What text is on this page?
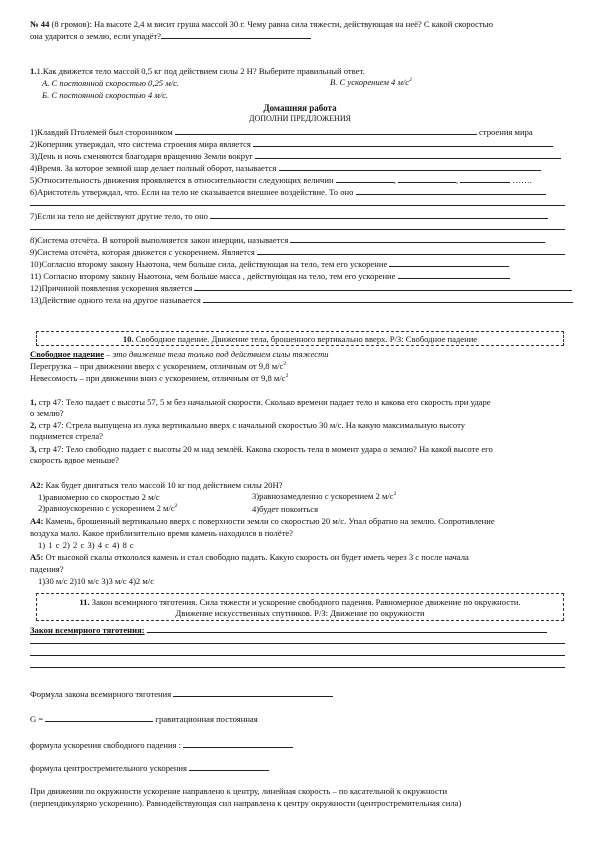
№ 44 (8 громов): На высоте 2,4 м висит груша массой 30 г. Чему равна сила тяжести, действующая на неё? С какой скоростью
она ударится о землю, если упадёт?
1.1.Как движется тело массой 0,5 кг под действием силы 2 Н? Выберите правильный ответ.
А. С постоянной скоростью 0,25 м/с.	В. С ускорением 4 $м/с^2$
Б. С постоянной скоростью 4 м/с.
Домашняя работа
ДОПОЛНИ ПРЕДЛОЖЕНИЯ
1)Клавдий Птолемей был сторонником	строения мира
2)Коперник утверждал, что система строения мира является
3)День и ночь сменяются благодаря вращению Земли вокруг
4)Время. За которое земной шар делает полный оборот, называется
5)Относительность движения проявляется в относительности следующих величин	,	,	…….
6)Аристотель утверждал, что. Если на тело не сказывается внешнее воздействие. То оно
7)Если на тело не действуют другие тело, то оно
8)Система отсчёта. В которой выполняется закон инерции, называется
9)Система отсчёта, которая движется с ускорением. Является
10)Согласно второму закону Ньютона, чем больше сила, действующая на тело, тем его ускорение
11) Согласно второму закону Ньютона, чем больше масса , действующая на тело, тем его ускорение
12)Причиной появления ускорения является
13)Действие одного тела на другое называется
10. Свободное падение. Движение тела, брошенного вертикально вверх. Р/З: Свободное падение
Свободное падение – это движение тела только под действием силы тяжести
Перегрузка – при движении вверх с ускорением, отличным от 9,8 $м/с^2$
Невесомость – при движении вниз с ускорением, отличным от 9,8 $м/с^2$
1, стр 47: Тело падает с высоты 57, 5 м без начальной скорости. Сколько времени падает тело и какова его скорость при ударе
о землю?
2, стр 47: Стрела выпущена из лука вертикально вверх с начальной скоростью 30 м/с. На какую максимальную высоту
поднимется стрела?
3, стр 47: Тело свободно падает с высоты 20 м над землёй. Какова скорость тела в момент удара о землю? На какой высоте его
скорость вдвое меньше?
А2: Как будет двигаться тело массой 10 кг под действием силы 20Н?
1)равномерно со скоростью 2 м/с	3)равнозамедленно с ускорением 2 $м/с^2$
2)равноускоренно с ускорением 2 $м/с^2$	4)будет покоиться
А4: Камень, брошенный вертикально вверх с поверхности земли со скоростью 20 м/с. Упал обратно на землю. Сопротивление
воздуха мало. Какое приблизительно время камень находился в полёте?
1) 1 с 2) 2 с 3) 4 с 4) 8 с
А5: От высокой скалы откололся камень и стал свободно падать. Какую скорость он будет иметь через 3 с после начала
падения?
1)30 м/с 2)10 м/с 3)3 м/с 4)2 м/с
11. Закон всемирного тяготения. Сила тяжести и ускорение свободного падения. Равномерное движение по окружности.
Движение искусственных спутников. Р/З: Движение по окружности
Закон всемирного тяготения:
Формула закона всемирного тяготения
G =	гравитационная постоянная
формула ускорения свободного падения :
формула центростремительного ускорения
При движении по окружности ускорение направлено к центру, линейная скорость – по касательной к окружности
(перпендикулярно ускорению). Равнодействующая сил направлена к центру окружности (центростремительная сила)
